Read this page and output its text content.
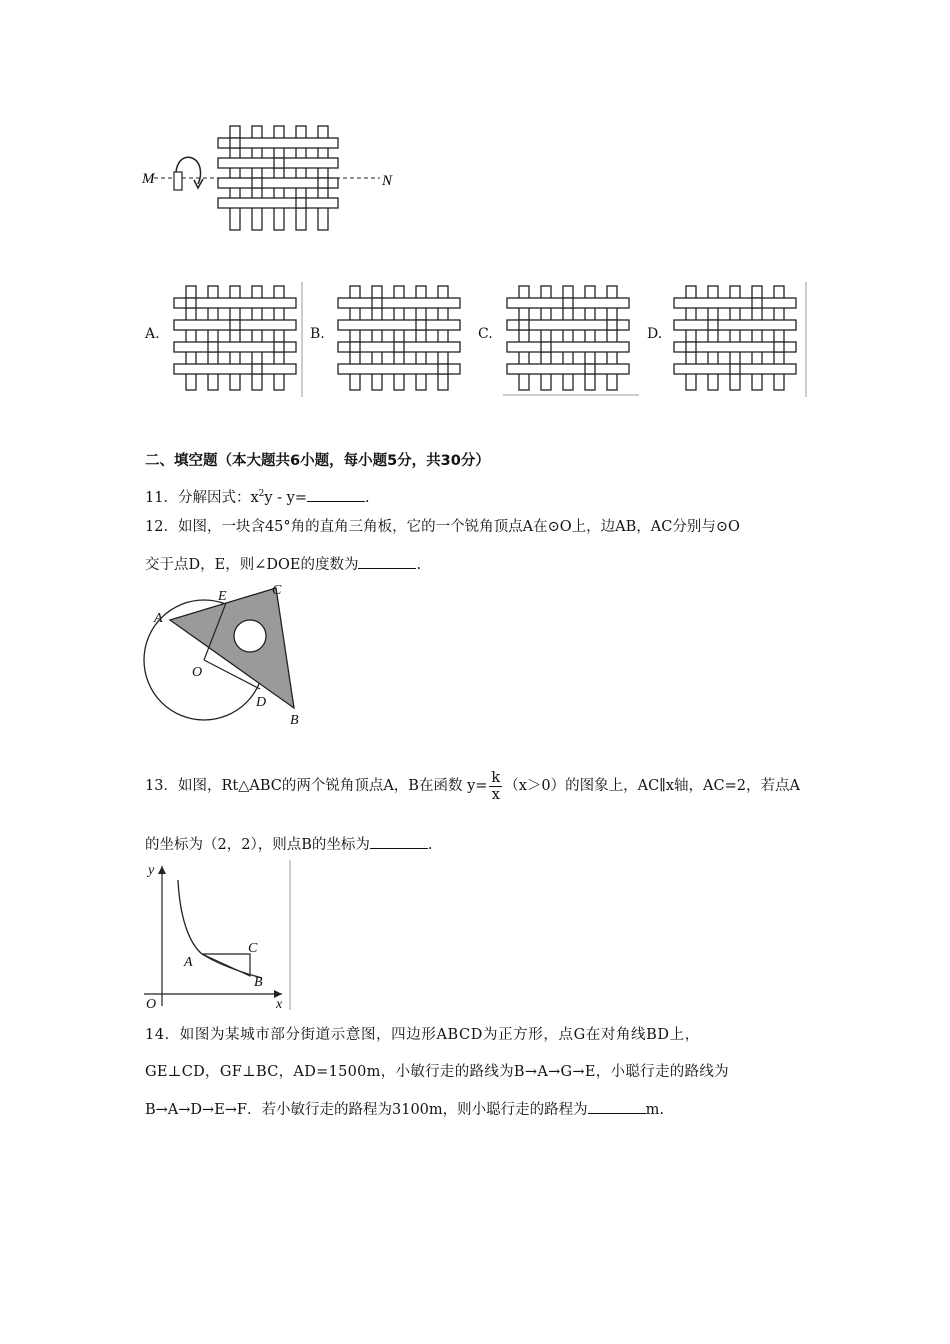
M	N
A.	B.	C.	D.
二、填空题（本大题共6小题，每小题5分，共30分）
11．分解因式：$x^2y - y=$	.
12．如图，一块含45°角的直角三角板，它的一个锐角顶点A在⊙O上，边AB，AC分别与⊙O
交于点D，E，则∠DOE的度数为	.
A
E	C
O
D
B
13．如图，Rt△ABC的两个锐角顶点A，B在函数 $y= \frac{k}{x} (x>0)$的图象上，AC∥x轴，AC=2，若点A
的坐标为（2，2），则点B的坐标为	.
y
x
O
A
C
B
14．如图为某城市部分街道示意图，四边形ABCD为正方形，点G在对角线BD上，
GE⊥CD，GF⊥BC，AD=1500m，小敏行走的路线为B→A→G→E，小聪行走的路线为
B→A→D→E→F．若小敏行走的路程为3100m，则小聪行走的路程为	m.
